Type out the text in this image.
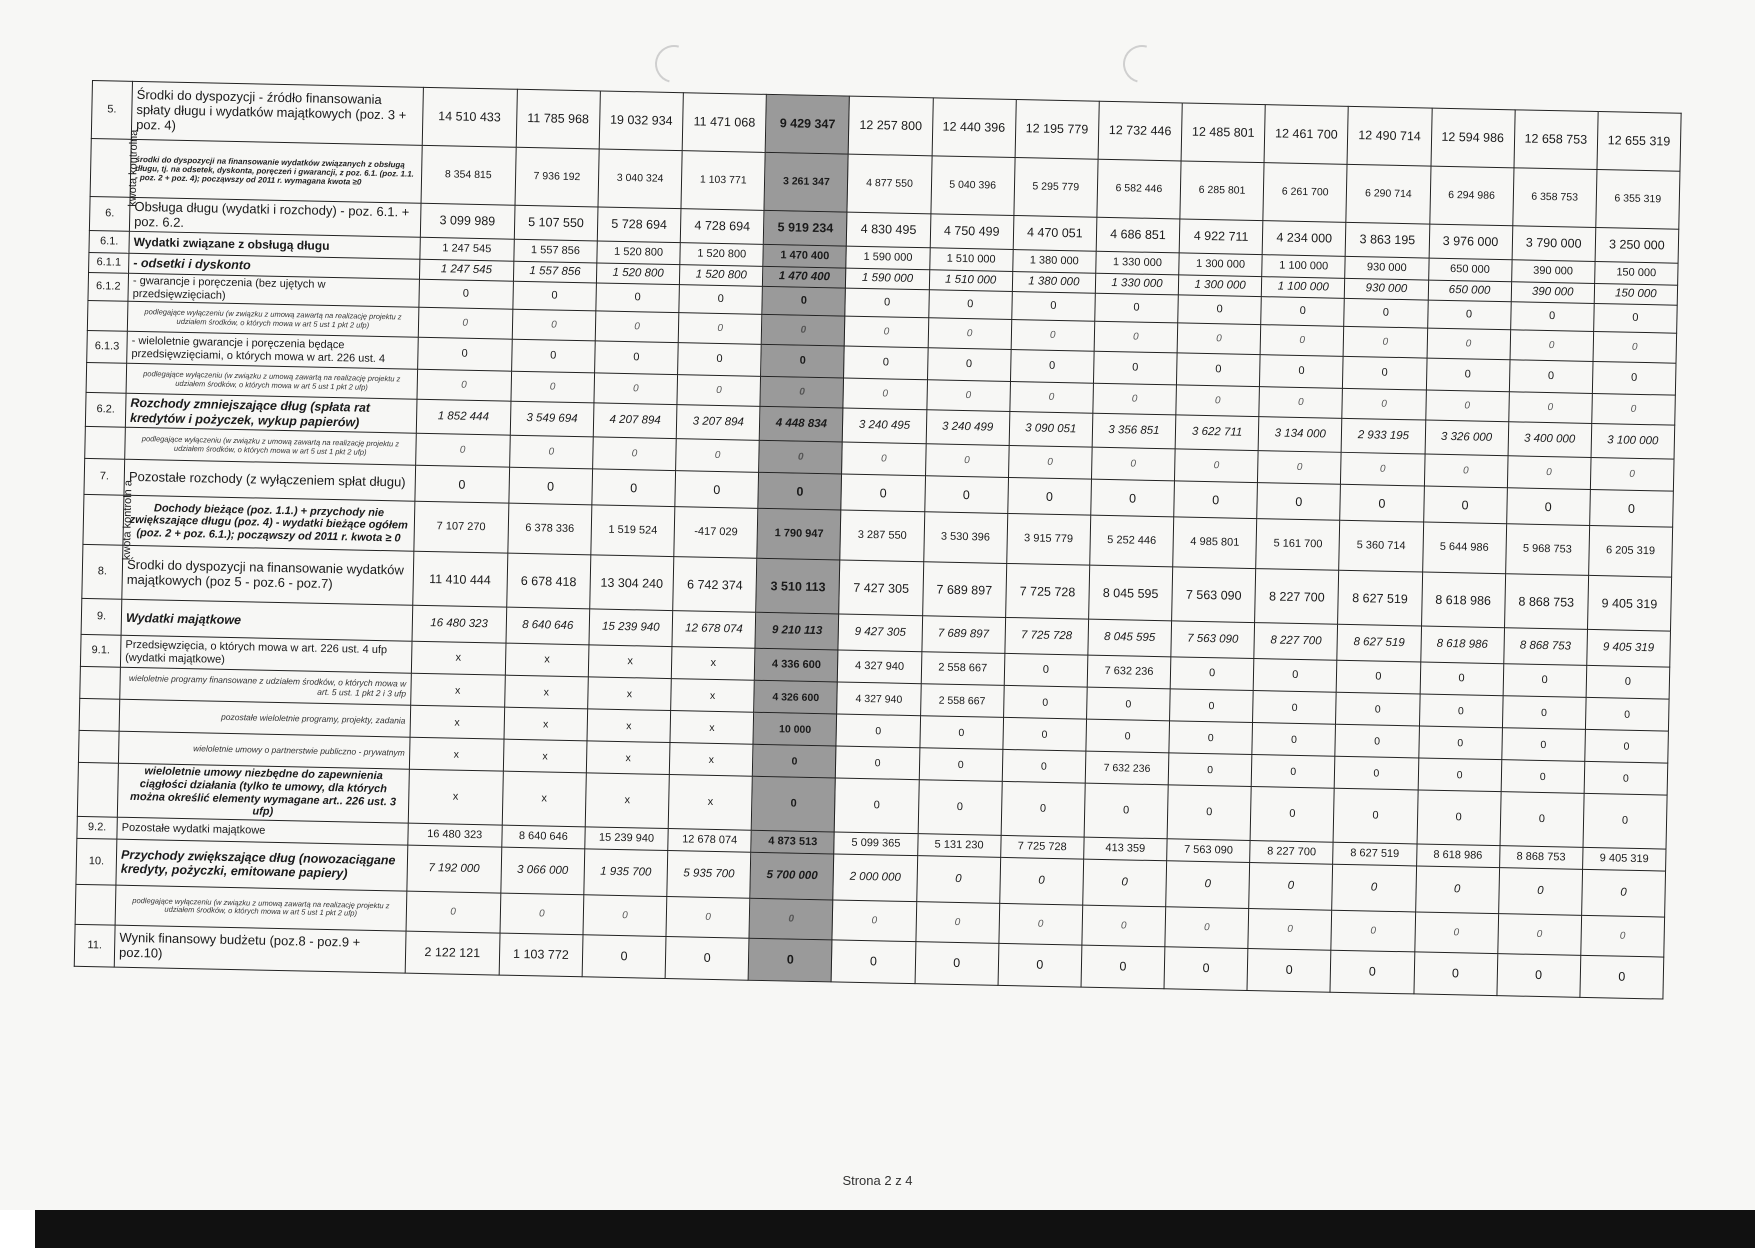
5.	Środki do dyspozycji - źródło finansowania spłaty długu i wydatków majątkowych (poz. 3 + poz. 4)	14 510 433	11 785 968	19 032 934	11 471 068	9 429 347	12 257 800	12 440 396	12 195 779	12 732 446	12 485 801	12 461 700	12 490 714	12 594 986	12 658 753	12 655 319
kwota kontrolna	środki do dyspozycji na finansowanie wydatków związanych z obsługą długu, tj. na odsetek, dyskonta, poręczeń i gwarancji, z poz. 6.1. (poz. 1.1. - poz. 2 + poz. 4); począwszy od 2011 r. wymagana kwota ≥0	8 354 815	7 936 192	3 040 324	1 103 771	3 261 347	4 877 550	5 040 396	5 295 779	6 582 446	6 285 801	6 261 700	6 290 714	6 294 986	6 358 753	6 355 319
6.	Obsługa długu (wydatki i rozchody) - poz. 6.1. + poz. 6.2.	3 099 989	5 107 550	5 728 694	4 728 694	5 919 234	4 830 495	4 750 499	4 470 051	4 686 851	4 922 711	4 234 000	3 863 195	3 976 000	3 790 000	3 250 000
6.1.	Wydatki związane z obsługą długu	1 247 545	1 557 856	1 520 800	1 520 800	1 470 400	1 590 000	1 510 000	1 380 000	1 330 000	1 300 000	1 100 000	930 000	650 000	390 000	150 000
6.1.1	- odsetki i dyskonto	1 247 545	1 557 856	1 520 800	1 520 800	1 470 400	1 590 000	1 510 000	1 380 000	1 330 000	1 300 000	1 100 000	930 000	650 000	390 000	150 000
6.1.2	- gwarancje i poręczenia (bez ujętych w przedsięwzięciach)	0	0	0	0	0	0	0	0	0	0	0	0	0	0	0
	podlegające wyłączeniu (w związku z umową zawartą na realizację projektu z udziałem środków, o których mowa w art 5 ust 1 pkt 2 ufp)	0	0	0	0	0	0	0	0	0	0	0	0	0	0	0
6.1.3	- wieloletnie gwarancje i poręczenia będące przedsięwzięciami, o których mowa w art. 226 ust. 4	0	0	0	0	0	0	0	0	0	0	0	0	0	0	0
	podlegające wyłączeniu (w związku z umową zawartą na realizację projektu z udziałem środków, o których mowa w art 5 ust 1 pkt 2 ufp)	0	0	0	0	0	0	0	0	0	0	0	0	0	0	0
6.2.	Rozchody zmniejszające dług (spłata rat kredytów i pożyczek, wykup papierów)	1 852 444	3 549 694	4 207 894	3 207 894	4 448 834	3 240 495	3 240 499	3 090 051	3 356 851	3 622 711	3 134 000	2 933 195	3 326 000	3 400 000	3 100 000
	podlegające wyłączeniu (w związku z umową zawartą na realizację projektu z udziałem środków, o których mowa w art 5 ust 1 pkt 2 ufp)	0	0	0	0	0	0	0	0	0	0	0	0	0	0	0
7.	Pozostałe rozchody (z wyłączeniem spłat długu)	0	0	0	0	0	0	0	0	0	0	0	0	0	0	0
kwota kontroln a	Dochody bieżące (poz. 1.1.) + przychody nie zwiększające długu (poz. 4) - wydatki bieżące ogółem (poz. 2 + poz. 6.1.); począwszy od 2011 r. kwota ≥ 0	7 107 270	6 378 336	1 519 524	-417 029	1 790 947	3 287 550	3 530 396	3 915 779	5 252 446	4 985 801	5 161 700	5 360 714	5 644 986	5 968 753	6 205 319
8.	Środki do dyspozycji na finansowanie wydatków majątkowych (poz 5 - poz.6 - poz.7)	11 410 444	6 678 418	13 304 240	6 742 374	3 510 113	7 427 305	7 689 897	7 725 728	8 045 595	7 563 090	8 227 700	8 627 519	8 618 986	8 868 753	9 405 319
9.	Wydatki majątkowe	16 480 323	8 640 646	15 239 940	12 678 074	9 210 113	9 427 305	7 689 897	7 725 728	8 045 595	7 563 090	8 227 700	8 627 519	8 618 986	8 868 753	9 405 319
9.1.	Przedsięwzięcia, o których mowa w art. 226 ust. 4 ufp (wydatki majątkowe)	x	x	x	x	4 336 600	4 327 940	2 558 667	0	7 632 236	0	0	0	0	0	0
	wieloletnie programy finansowane z udziałem środków, o których mowa w art. 5 ust. 1 pkt 2 i 3 ufp	x	x	x	x	4 326 600	4 327 940	2 558 667	0	0	0	0	0	0	0	0
	pozostałe wieloletnie programy, projekty, zadania	x	x	x	x	10 000	0	0	0	0	0	0	0	0	0	0
	wieloletnie umowy o partnerstwie publiczno - prywatnym	x	x	x	x	0	0	0	0	7 632 236	0	0	0	0	0	0
	wieloletnie umowy niezbędne do zapewnienia ciągłości działania (tylko te umowy, dla których można określić elementy wymagane art.. 226 ust. 3 ufp)	x	x	x	x	0	0	0	0	0	0	0	0	0	0	0
9.2.	Pozostałe wydatki majątkowe	16 480 323	8 640 646	15 239 940	12 678 074	4 873 513	5 099 365	5 131 230	7 725 728	413 359	7 563 090	8 227 700	8 627 519	8 618 986	8 868 753	9 405 319
10.	Przychody zwiększające dług (nowozaciągane kredyty, pożyczki, emitowane papiery)	7 192 000	3 066 000	1 935 700	5 935 700	5 700 000	2 000 000	0	0	0	0	0	0	0	0	0
	podlegające wyłączeniu (w związku z umową zawartą na realizację projektu z udziałem środków, o których mowa w art 5 ust 1 pkt 2 ufp)	0	0	0	0	0	0	0	0	0	0	0	0	0	0	0
11.	Wynik finansowy budżetu (poz.8 - poz.9 + poz.10)	2 122 121	1 103 772	0	0	0	0	0	0	0	0	0	0	0	0	0
Strona 2 z 4
